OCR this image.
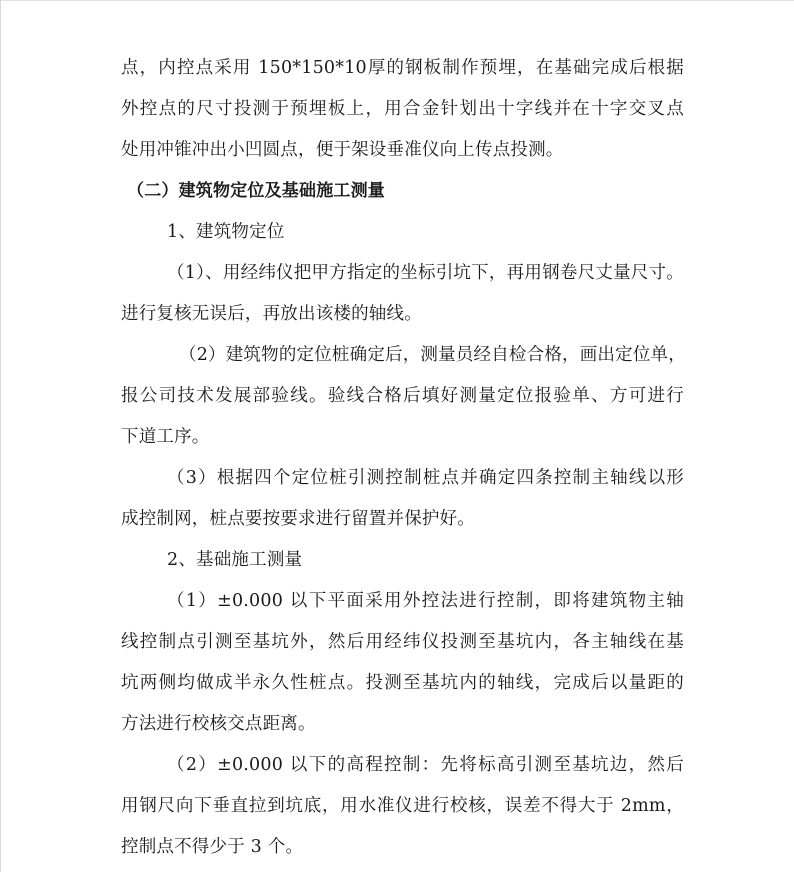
点，内控点采用 150*150*10厚的钢板制作预埋，在基础完成后根据
外控点的尺寸投测于预埋板上，用合金针划出十字线并在十字交叉点
处用冲锥冲出小凹圆点，便于架设垂准仪向上传点投测。
（二）建筑物定位及基础施工测量
1、建筑物定位
（1）、用经纬仪把甲方指定的坐标引坑下，再用钢卷尺丈量尺寸。
进行复核无误后，再放出该楼的轴线。
（2）建筑物的定位桩确定后，测量员经自检合格，画出定位单，
报公司技术发展部验线。验线合格后填好测量定位报验单、方可进行
下道工序。
（3）根据四个定位桩引测控制桩点并确定四条控制主轴线以形
成控制网，桩点要按要求进行留置并保护好。
2、基础施工测量
（1）±0.000 以下平面采用外控法进行控制，即将建筑物主轴
线控制点引测至基坑外，然后用经纬仪投测至基坑内，各主轴线在基
坑两侧均做成半永久性桩点。投测至基坑内的轴线，完成后以量距的
方法进行校核交点距离。
（2）±0.000 以下的高程控制：先将标高引测至基坑边，然后
用钢尺向下垂直拉到坑底，用水准仪进行校核，误差不得大于 2mm，
控制点不得少于 3 个。
